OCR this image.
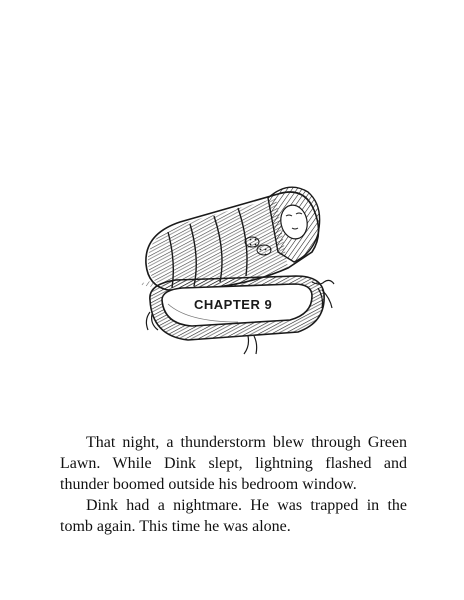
CHAPTER 9

That night, a thunderstorm blew through Green Lawn. While Dink slept, lightning flashed and thunder boomed outside his bedroom window.

Dink had a nightmare. He was trapped in the tomb again. This time he was alone.
